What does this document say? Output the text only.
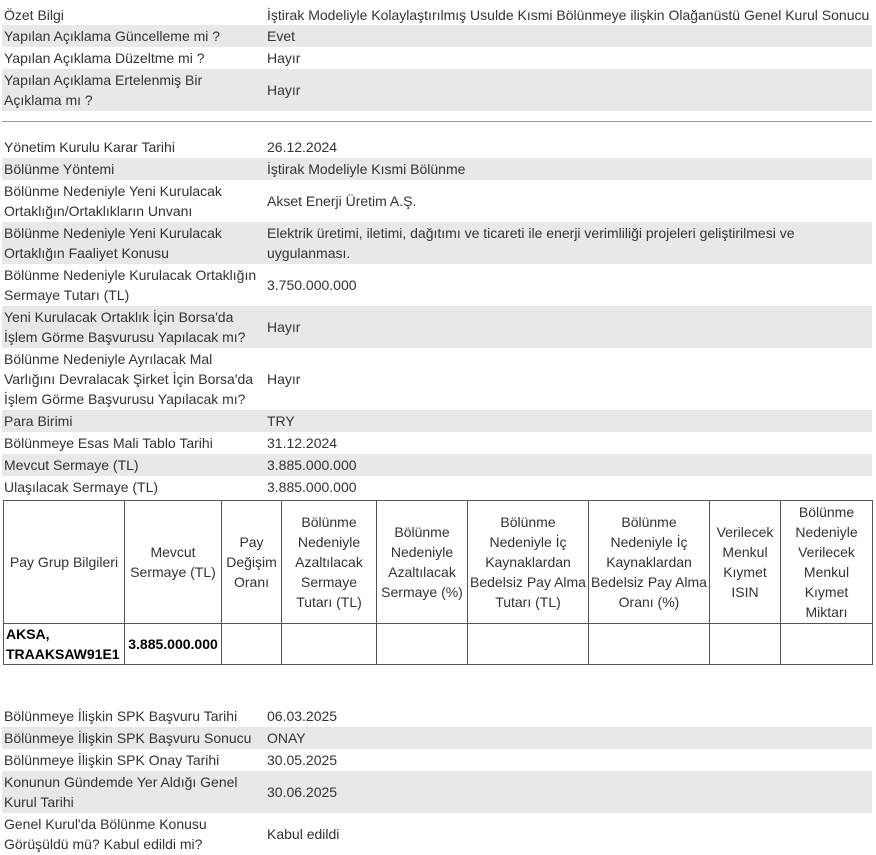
Özet Bilgi	İştirak Modeliyle Kolaylaştırılmış Usulde Kısmi Bölünmeye ilişkin Olağanüstü Genel Kurul Sonucu
Yapılan Açıklama Güncelleme mi ?	Evet
Yapılan Açıklama Düzeltme mi ?	Hayır
Yapılan Açıklama Ertelenmiş Bir Açıklama mı ?	Hayır
Yönetim Kurulu Karar Tarihi	26.12.2024
Bölünme Yöntemi	İştirak Modeliyle Kısmi Bölünme
Bölünme Nedeniyle Yeni Kurulacak Ortaklığın/Ortaklıkların Unvanı	Akset Enerji Üretim A.Ş.
Bölünme Nedeniyle Yeni Kurulacak Ortaklığın Faaliyet Konusu	Elektrik üretimi, iletimi, dağıtımı ve ticareti ile enerji verimliliği projeleri geliştirilmesi ve uygulanması.
Bölünme Nedeniyle Kurulacak Ortaklığın Sermaye Tutarı (TL)	3.750.000.000
Yeni Kurulacak Ortaklık İçin Borsa'da İşlem Görme Başvurusu Yapılacak mı?	Hayır
Bölünme Nedeniyle Ayrılacak Mal Varlığını Devralacak Şirket İçin Borsa'da İşlem Görme Başvurusu Yapılacak mı?	Hayır
Para Birimi	TRY
Bölünmeye Esas Mali Tablo Tarihi	31.12.2024
Mevcut Sermaye (TL)	3.885.000.000
Ulaşılacak Sermaye (TL)	3.885.000.000
Pay Grup Bilgileri	Mevcut Sermaye (TL)	Pay Değişim Oranı	Bölünme Nedeniyle Azaltılacak Sermaye Tutarı (TL)	Bölünme Nedeniyle Azaltılacak Sermaye (%)	Bölünme Nedeniyle İç Kaynaklardan Bedelsiz Pay Alma Tutarı (TL)	Bölünme Nedeniyle İç Kaynaklardan Bedelsiz Pay Alma Oranı (%)	Verilecek Menkul Kıymet ISIN	Bölünme Nedeniyle Verilecek Menkul Kıymet Miktarı
AKSA, TRAAKSAW91E1	3.885.000.000							
Bölünmeye İlişkin SPK Başvuru Tarihi	06.03.2025
Bölünmeye İlişkin SPK Başvuru Sonucu	ONAY
Bölünmeye İlişkin SPK Onay Tarihi	30.05.2025
Konunun Gündemde Yer Aldığı Genel Kurul Tarihi	30.06.2025
Genel Kurul'da Bölünme Konusu Görüşüldü mü? Kabul edildi mi?	Kabul edildi
